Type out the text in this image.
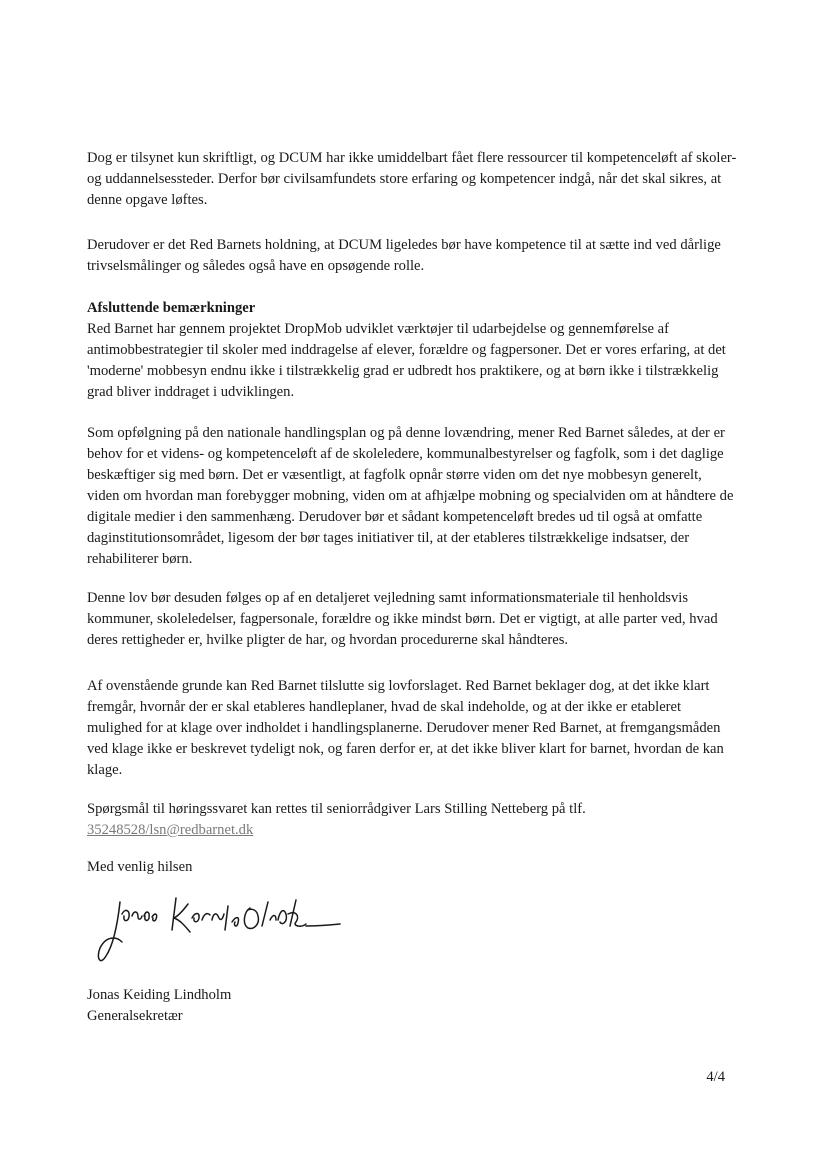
Dog er tilsynet kun skriftligt, og DCUM har ikke umiddelbart fået flere ressourcer til kompetenceløft af skoler- og uddannelsessteder. Derfor bør civilsamfundets store erfaring og kompetencer indgå, når det skal sikres, at denne opgave løftes.

Derudover er det Red Barnets holdning, at DCUM ligeledes bør have kompetence til at sætte ind ved dårlige trivselsmålinger og således også have en opsøgende rolle.

Afsluttende bemærkninger
Red Barnet har gennem projektet DropMob udviklet værktøjer til udarbejdelse og gennemførelse af antimobbestrategier til skoler med inddragelse af elever, forældre og fagpersoner. Det er vores erfaring, at det 'moderne' mobbesyn endnu ikke i tilstrækkelig grad er udbredt hos praktikere, og at børn ikke i tilstrækkelig grad bliver inddraget i udviklingen.

Som opfølgning på den nationale handlingsplan og på denne lovændring, mener Red Barnet således, at der er behov for et videns- og kompetenceløft af de skoleledere, kommunalbestyrelser og fagfolk, som i det daglige beskæftiger sig med børn. Det er væsentligt, at fagfolk opnår større viden om det nye mobbesyn generelt, viden om hvordan man forebygger mobning, viden om at afhjælpe mobning og specialviden om at håndtere de digitale medier i den sammenhæng. Derudover bør et sådant kompetenceløft bredes ud til også at omfatte daginstitutionsområdet, ligesom der bør tages initiativer til, at der etableres tilstrækkelige indsatser, der rehabiliterer børn.

Denne lov bør desuden følges op af en detaljeret vejledning samt informationsmateriale til henholdsvis kommuner, skoleledelser, fagpersonale, forældre og ikke mindst børn. Det er vigtigt, at alle parter ved, hvad deres rettigheder er, hvilke pligter de har, og hvordan procedurerne skal håndteres.

Af ovenstående grunde kan Red Barnet tilslutte sig lovforslaget. Red Barnet beklager dog, at det ikke klart fremgår, hvornår der er skal etableres handleplaner, hvad de skal indeholde, og at der ikke er etableret mulighed for at klage over indholdet i handlingsplanerne. Derudover mener Red Barnet, at fremgangsmåden ved klage ikke er beskrevet tydeligt nok, og faren derfor er, at det ikke bliver klart for barnet, hvordan de kan klage.

Spørgsmål til høringssvaret kan rettes til seniorrådgiver Lars Stilling Netteberg på tlf.
35248528/lsn@redbarnet.dk

Med venlig hilsen

Jonas Keiding Lindholm

Generalsekretær

4/4
